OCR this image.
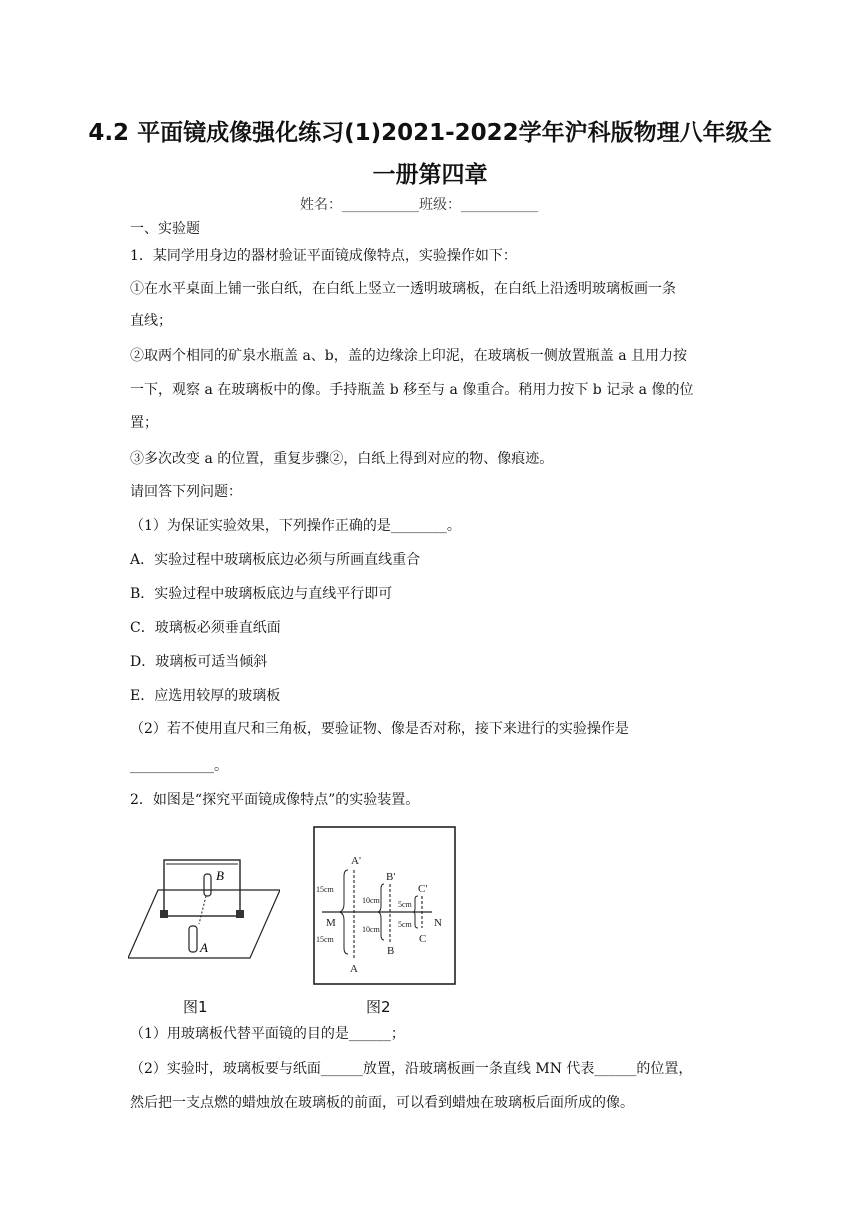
4.2 平面镜成像强化练习(1)2021-2022学年沪科版物理八年级全
一册第四章
姓名：___________班级：___________
一、实验题
1．某同学用身边的器材验证平面镜成像特点，实验操作如下：
①在水平桌面上铺一张白纸，在白纸上竖立一透明玻璃板，在白纸上沿透明玻璃板画一条
直线；
②取两个相同的矿泉水瓶盖 a、b，盖的边缘涂上印泥，在玻璃板一侧放置瓶盖 a 且用力按
一下，观察 a 在玻璃板中的像。手持瓶盖 b 移至与 a 像重合。稍用力按下 b 记录 a 像的位
置；
③多次改变 a 的位置，重复步骤②，白纸上得到对应的物、像痕迹。
请回答下列问题：
（1）为保证实验效果，下列操作正确的是________。
A．实验过程中玻璃板底边必须与所画直线重合
B．实验过程中玻璃板底边与直线平行即可
C．玻璃板必须垂直纸面
D．玻璃板可适当倾斜
E．应选用较厚的玻璃板
（2）若不使用直尺和三角板，要验证物、像是否对称，接下来进行的实验操作是
____________。
2．如图是“探究平面镜成像特点”的实验装置。
B
A
A'
B'
C'
M	N
A
B
C
15cm
15cm
10cm
10cm
5cm
5cm
图1	图2
（1）用玻璃板代替平面镜的目的是______；
（2）实验时，玻璃板要与纸面______放置，沿玻璃板画一条直线 MN 代表______的位置，
然后把一支点燃的蜡烛放在玻璃板的前面，可以看到蜡烛在玻璃板后面所成的像。
